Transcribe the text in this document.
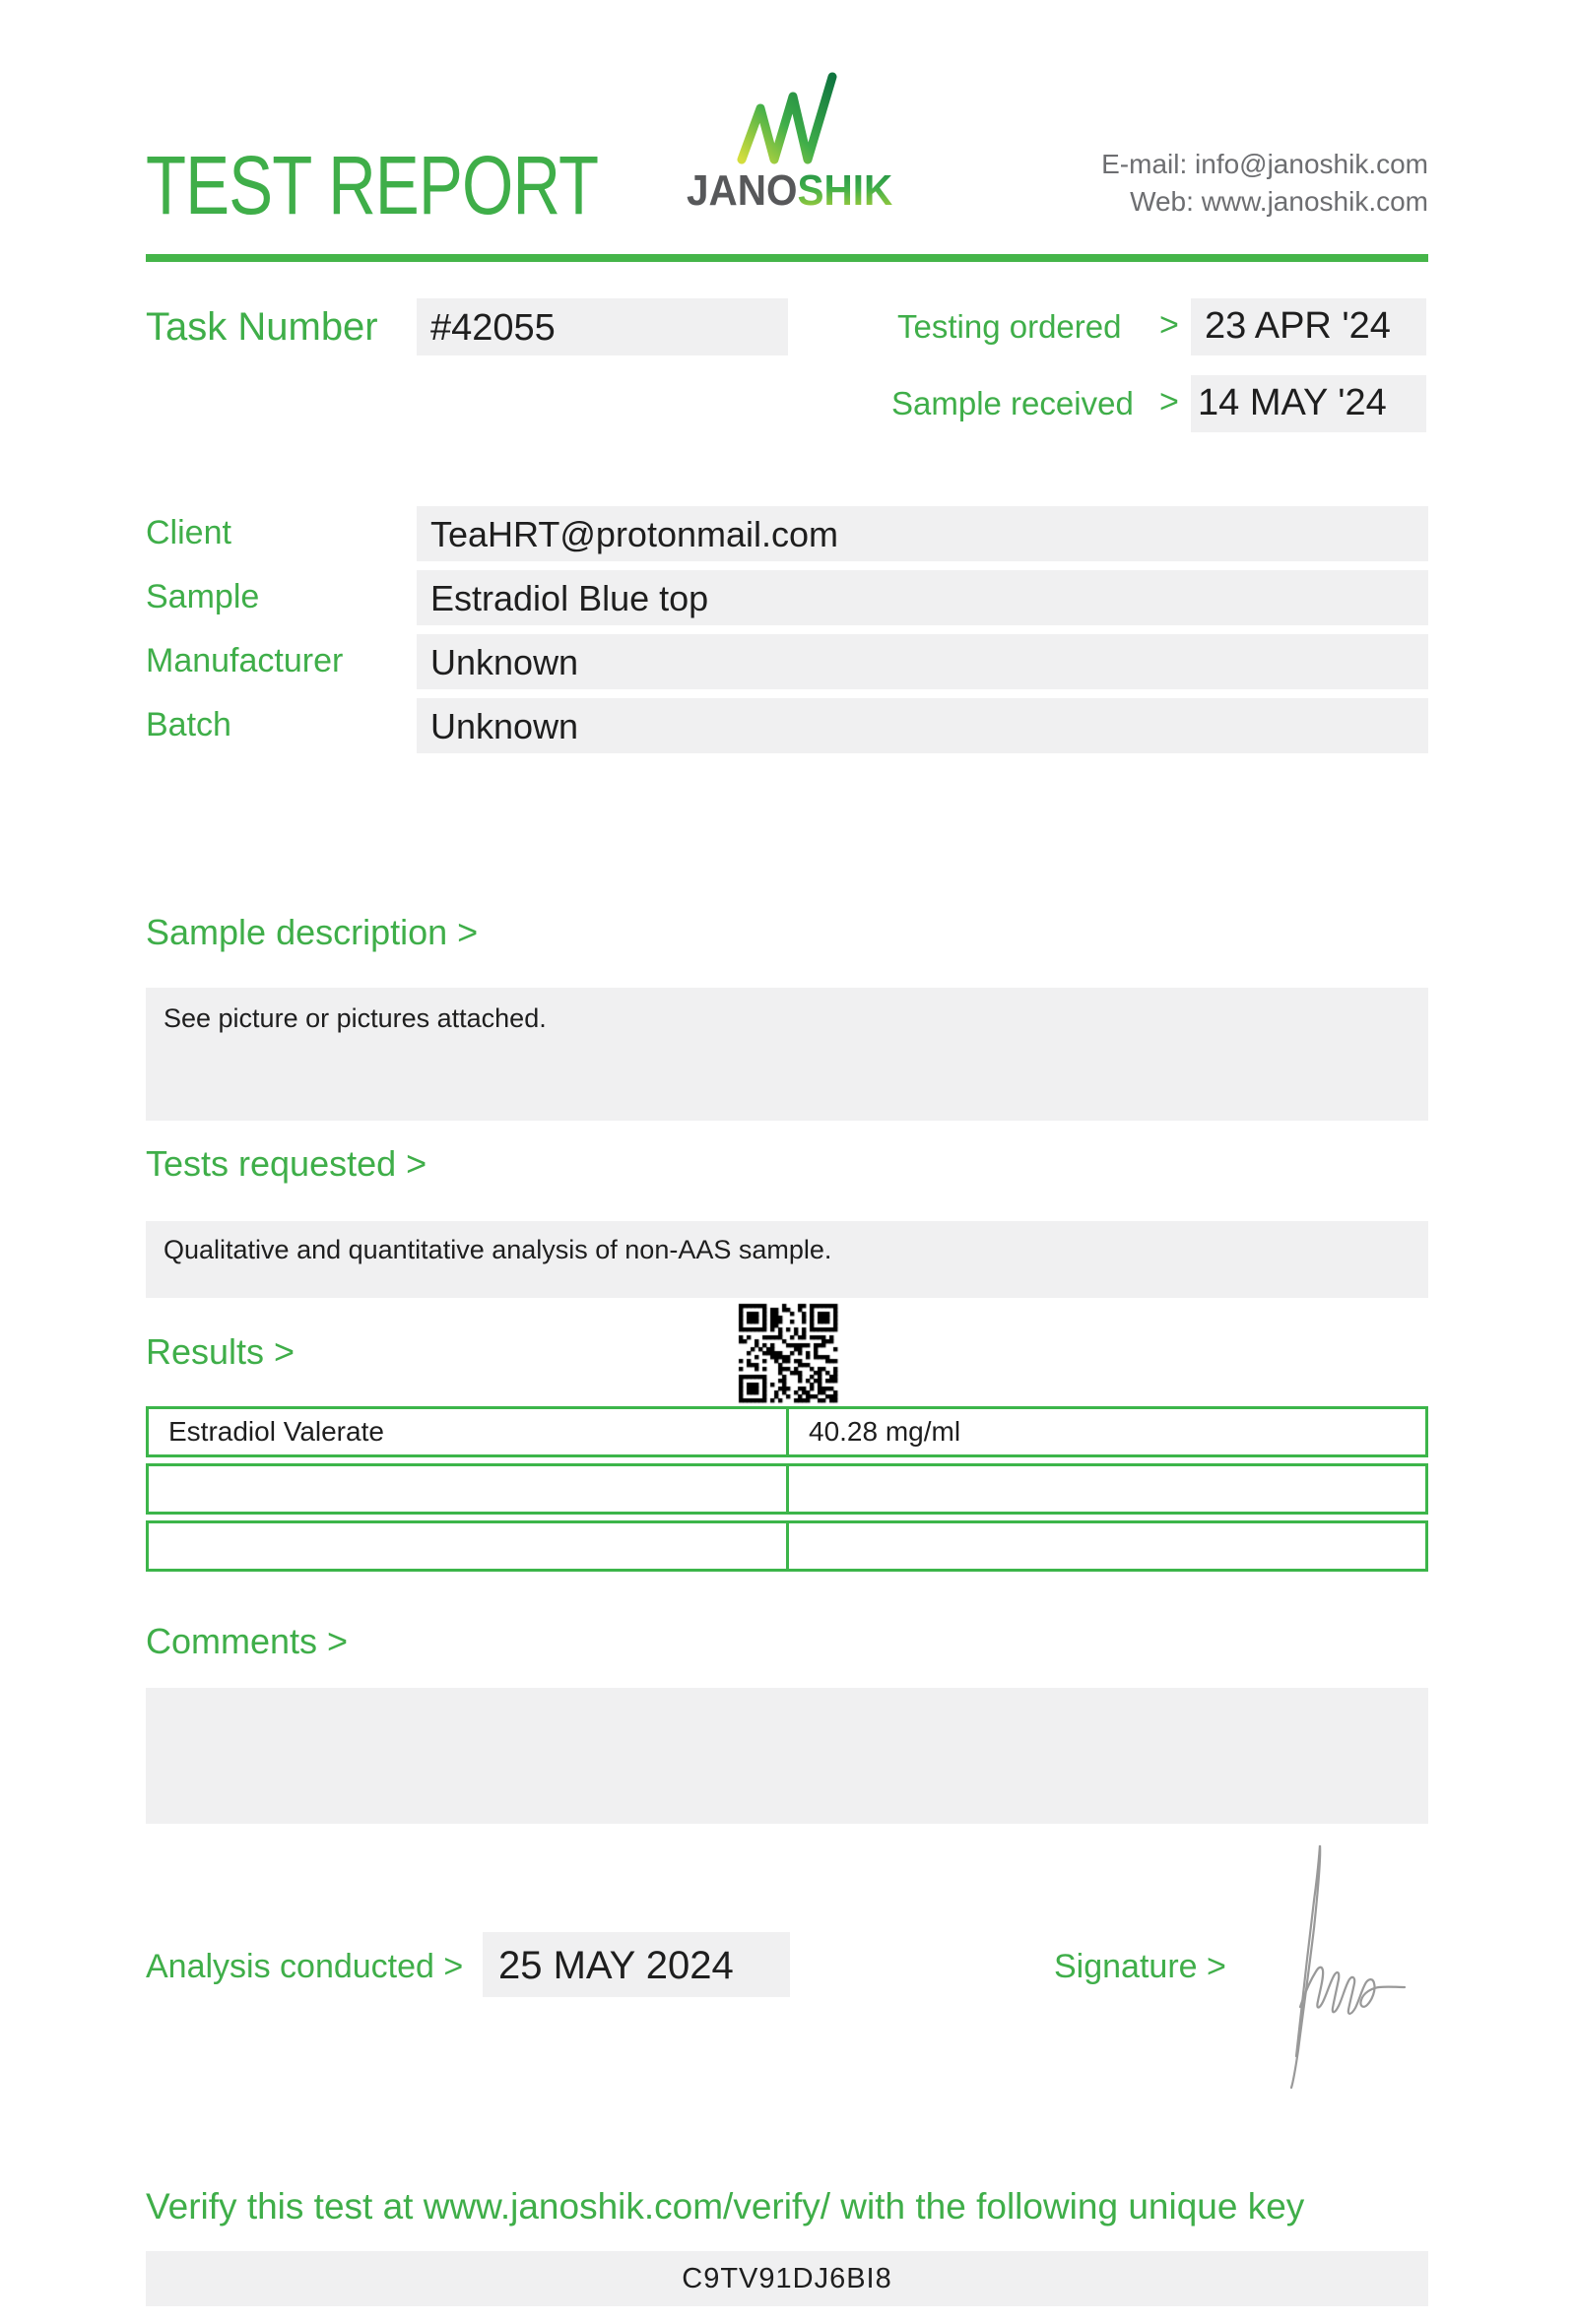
TEST REPORT JANOSHIK
E-mail: info@janoshik.com
Web: www.janoshik.com
Task Number #42055	Testing ordered > 23 APR '24
Sample received > 14 MAY '24
Client	TeaHRT@protonmail.com
Sample	Estradiol Blue top
Manufacturer Unknown
Batch	Unknown
Sample description >
See picture or pictures attached.
Tests requested >
Qualitative and quantitative analysis of non-AAS sample.
Results >
Estradiol Valerate	40.28 mg/ml
Comments >
Analysis conducted > 25 MAY 2024	Signature >
Verify this test at www.janoshik.com/verify/ with the following unique key
C9TV91DJ6BI8
